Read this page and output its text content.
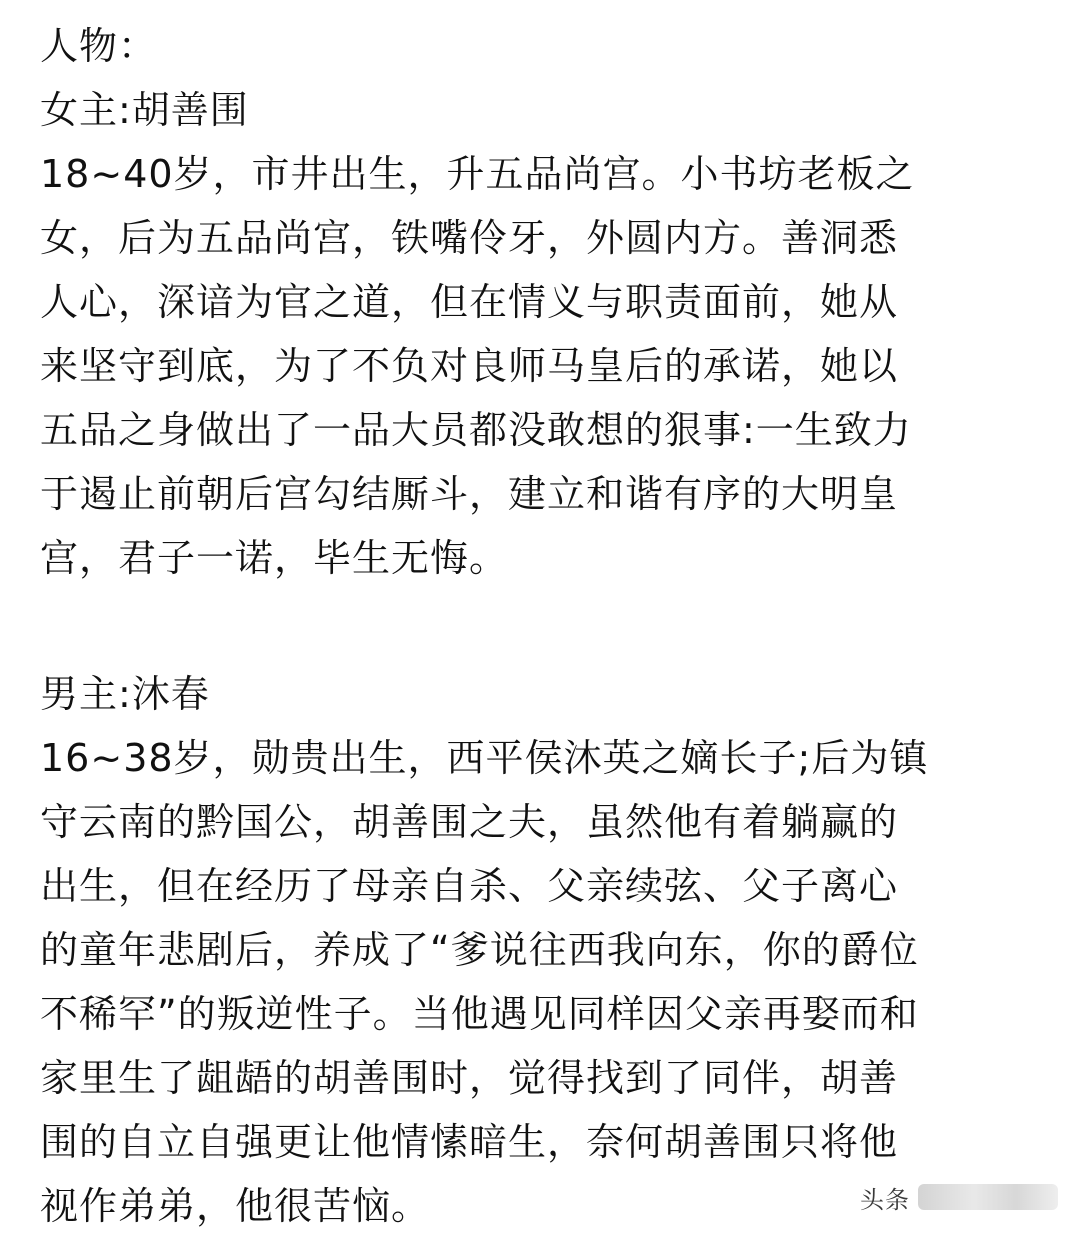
人物：
女主:胡善围
18~40岁，市井出生，升五品尚宫。小书坊老板之
女，后为五品尚宫，铁嘴伶牙，外圆内方。善洞悉
人心，深谙为官之道，但在情义与职责面前，她从
来坚守到底，为了不负对良师马皇后的承诺，她以
五品之身做出了一品大员都没敢想的狠事:一生致力
于遏止前朝后宫勾结厮斗，建立和谐有序的大明皇
宫，君子一诺，毕生无悔。
男主:沐春
16~38岁，勋贵出生，西平侯沐英之嫡长子;后为镇
守云南的黔国公，胡善围之夫，虽然他有着躺赢的
出生，但在经历了母亲自杀、父亲续弦、父子离心
的童年悲剧后，养成了“爹说往西我向东，你的爵位
不稀罕”的叛逆性子。当他遇见同样因父亲再娶而和
家里生了龃龉的胡善围时，觉得找到了同伴，胡善
围的自立自强更让他情愫暗生，奈何胡善围只将他
视作弟弟，他很苦恼。	头条
